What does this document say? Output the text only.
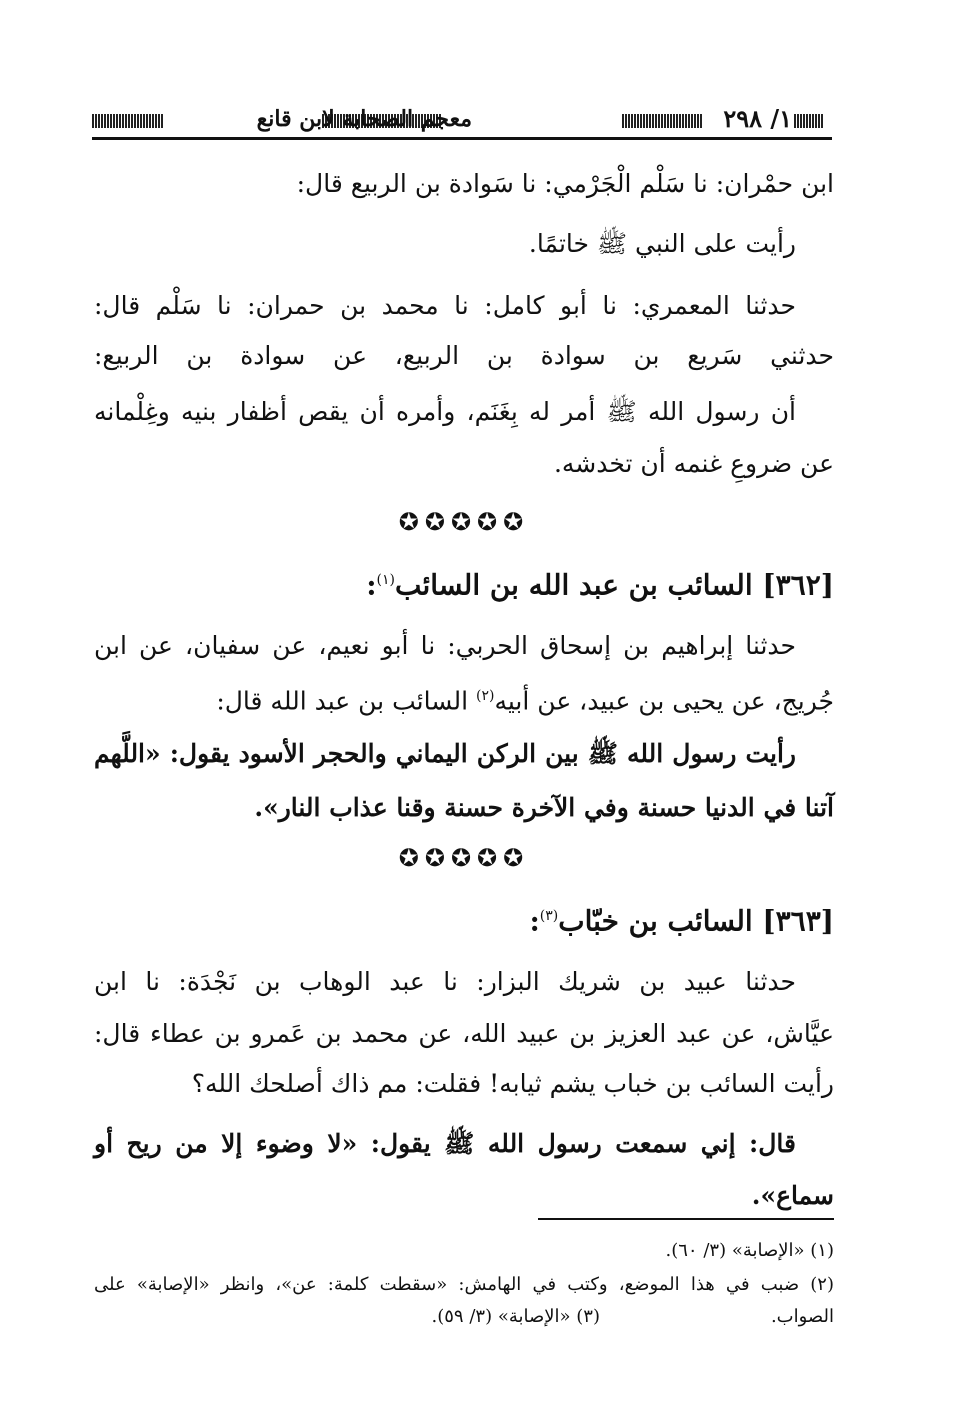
معجم الصحابة لابن قانع	١/ ٢٩٨
ابن حمْران: نا سَلْم الْجَرْمي: نا سَوادة بن الربيع قال:
رأيت على النبي ﷺ خاتمًا.
حدثنا المعمري: نا أبو كامل: نا محمد بن حمران: نا سَلْم قال:
حدثني سَريع بن سوادة بن الربيع، عن سوادة بن الربيع:
أن رسول الله ﷺ أمر له بِغَنَم، وأمره أن يقص أظفار بنيه وغِلْمانه
عن ضروعِ غنمه أن تخدشه.
✪✪✪✪✪
[٣٦٢] السائب بن عبد الله بن السائب$^{(١)}$:
حدثنا إبراهيم بن إسحاق الحربي: نا أبو نعيم، عن سفيان، عن ابن
جُريج، عن يحيى بن عبيد، عن أبيه$^{(٢)}$ السائب بن عبد الله قال:
رأيت رسول الله ﷺ بين الركن اليماني والحجر الأسود يقول: «اللَّهم
آتنا في الدنيا حسنة وفي الآخرة حسنة وقنا عذاب النار».
✪✪✪✪✪
[٣٦٣] السائب بن خبّاب$^{(٣)}$:
حدثنا عبيد بن شريك البزار: نا عبد الوهاب بن نَجْدَة: نا ابن
عيَّاش، عن عبد العزيز بن عبيد الله، عن محمد بن عَمرو بن عطاء قال:
رأيت السائب بن خباب يشم ثيابه! فقلت: مم ذاك أصلحك الله؟
قال: إني سمعت رسول الله ﷺ يقول: «لا وضوء إلا من ريح أو
سماع».
(١) «الإصابة» (٣/ ٦٠).
(٢) ضبب في هذا الموضع، وكتب في الهامش: «سقطت كلمة: عن»، وانظر «الإصابة» على
الصواب.
(٣) «الإصابة» (٣/ ٥٩).
